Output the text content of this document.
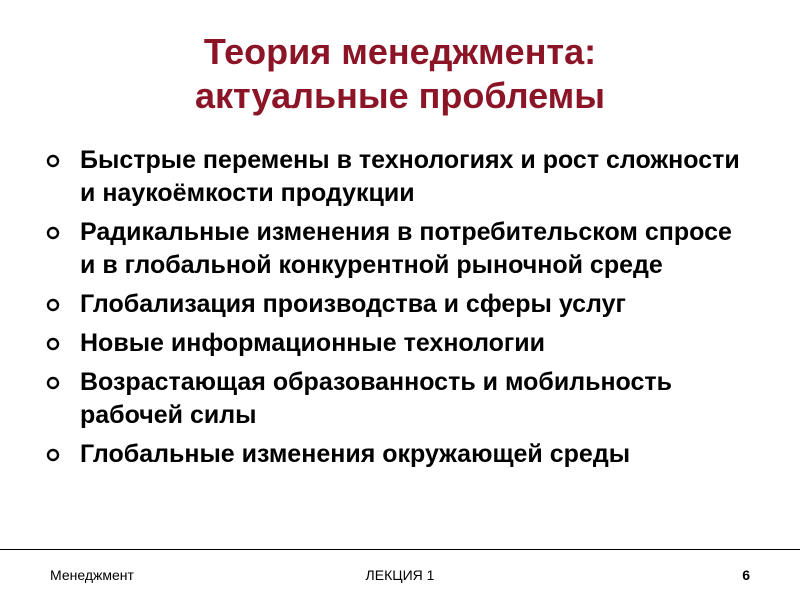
Теория менеджмента:
актуальные проблемы
Быстрые перемены в технологиях и рост сложности и наукоёмкости продукции
Радикальные изменения в потребительском спросе и в глобальной конкурентной рыночной среде
Глобализация производства и сферы услуг
Новые информационные технологии
Возрастающая образованность и мобильность рабочей силы
Глобальные изменения окружающей среды
Менеджмент	ЛЕКЦИЯ 1	6
